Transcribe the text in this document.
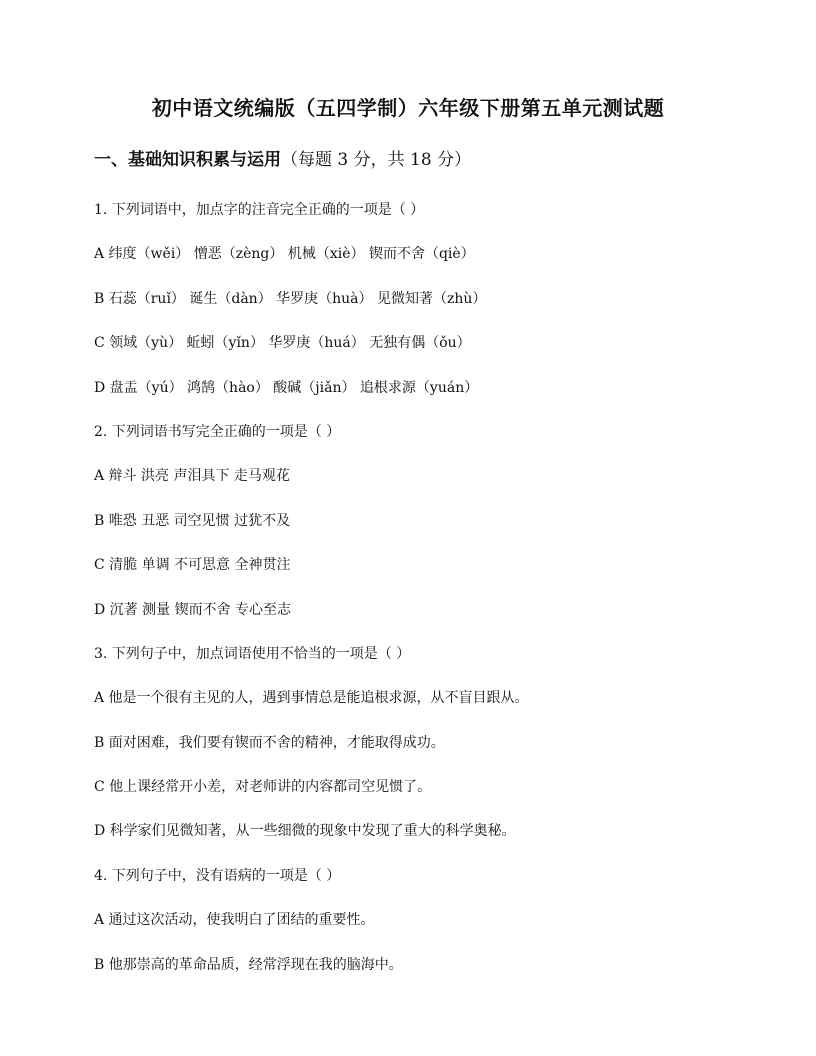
初中语文统编版（五四学制）六年级下册第五单元测试题
一、基础知识积累与运用（每题 3 分，共 18 分）
1. 下列词语中，加点字的注音完全正确的一项是（ ）
A 纬度（wěi） 憎恶（zèng） 机械（xiè） 锲而不舍（qiè）
B 石蕊（ruǐ） 诞生（dàn） 华罗庚（huà） 见微知著（zhù）
C 领域（yù） 蚯蚓（yǐn） 华罗庚（huá） 无独有偶（ǒu）
D 盘盂（yú） 鸿鹄（hào） 酸碱（jiǎn） 追根求源（yuán）
2. 下列词语书写完全正确的一项是（ ）
A 辩斗 洪亮 声泪具下 走马观花
B 唯恐 丑恶 司空见惯 过犹不及
C 清脆 单调 不可思意 全神贯注
D 沉著 测量 锲而不舍 专心至志
3. 下列句子中，加点词语使用不恰当的一项是（ ）
A 他是一个很有主见的人，遇到事情总是能追根求源，从不盲目跟从。
B 面对困难，我们要有锲而不舍的精神，才能取得成功。
C 他上课经常开小差，对老师讲的内容都司空见惯了。
D 科学家们见微知著，从一些细微的现象中发现了重大的科学奥秘。
4. 下列句子中，没有语病的一项是（ ）
A 通过这次活动，使我明白了团结的重要性。
B 他那崇高的革命品质，经常浮现在我的脑海中。
